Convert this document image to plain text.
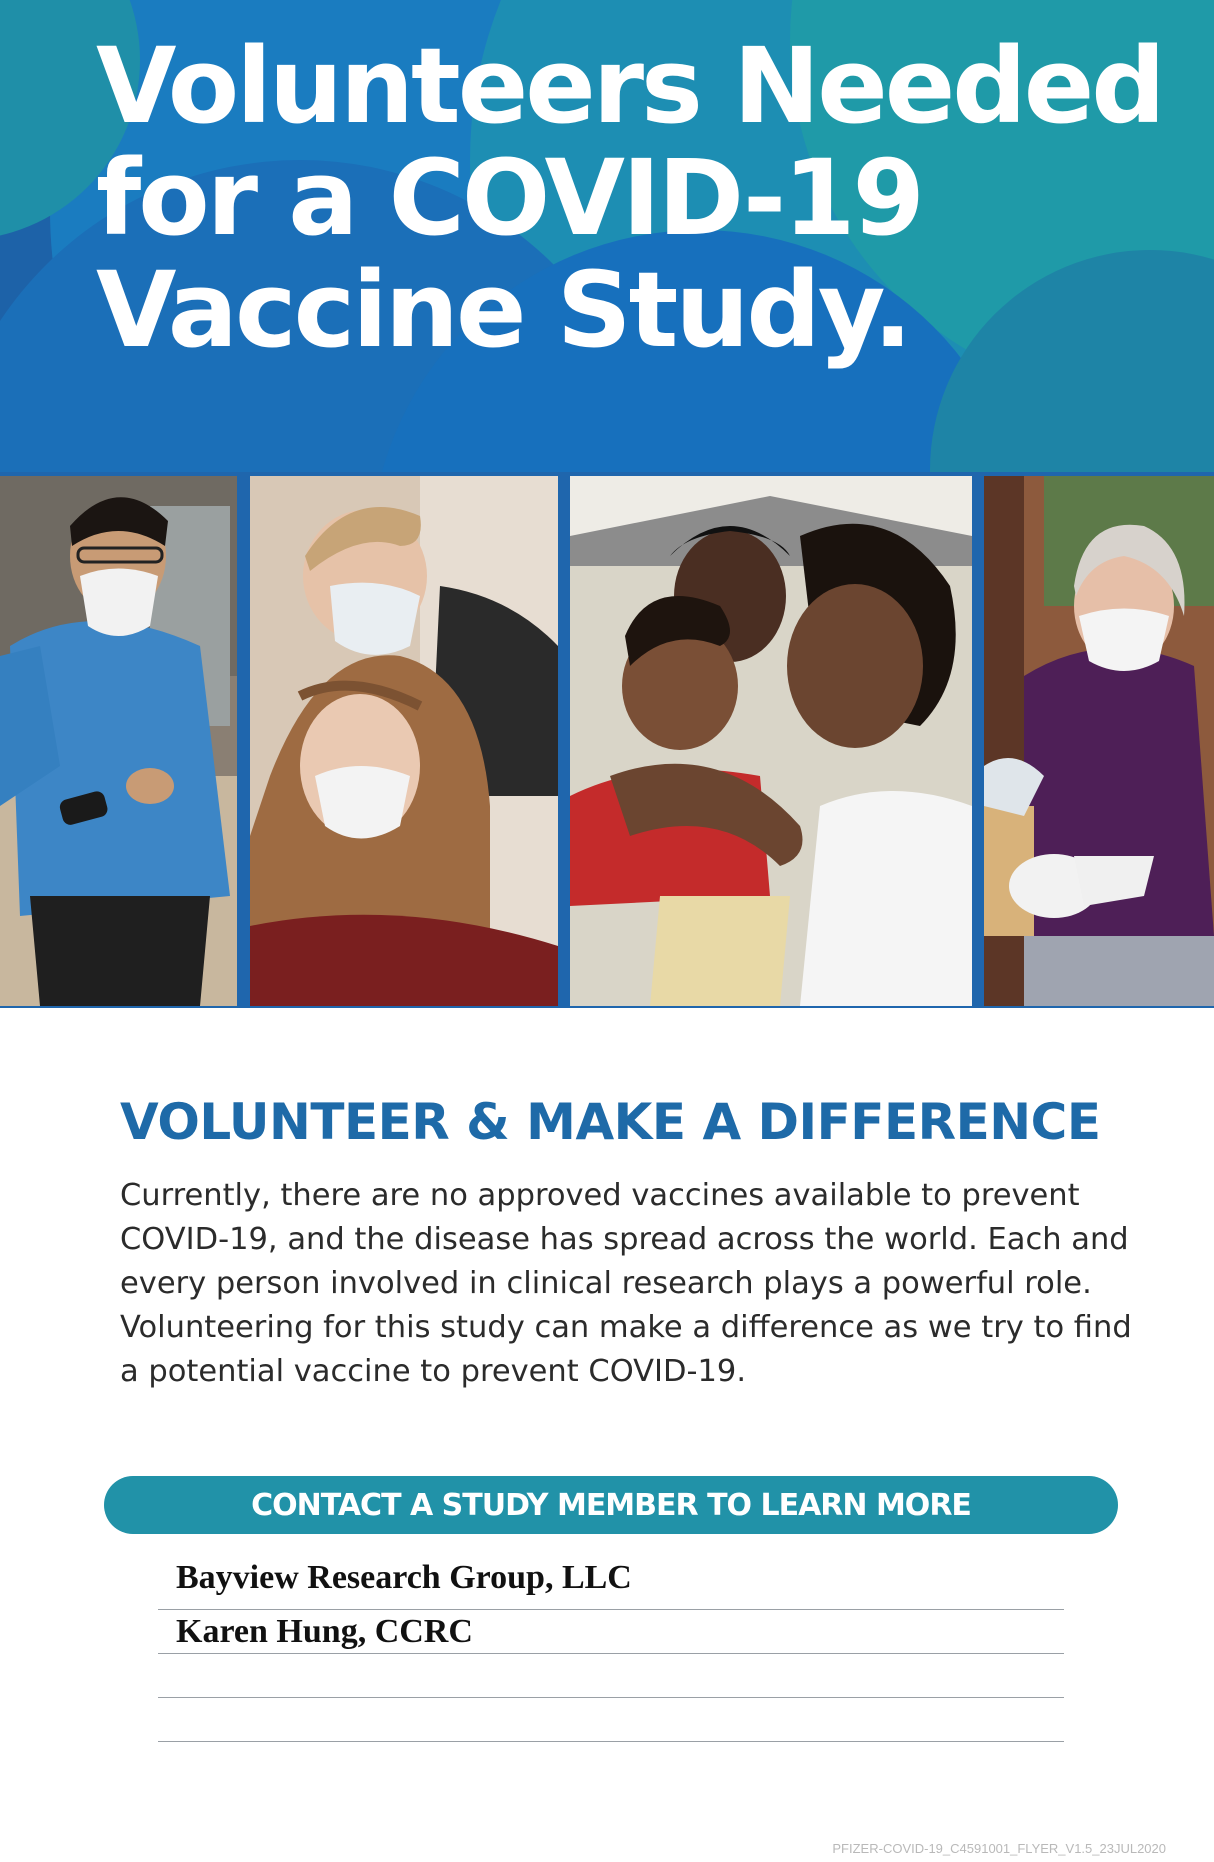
Volunteers Needed
for a COVID-19
Vaccine Study.
VOLUNTEER & MAKE A DIFFERENCE

Currently, there are no approved vaccines available to prevent
COVID-19, and the disease has spread across the world. Each and
every person involved in clinical research plays a powerful role.
Volunteering for this study can make a difference as we try to find
a potential vaccine to prevent COVID-19.

CONTACT A STUDY MEMBER TO LEARN MORE
Bayview Research Group, LLC
Karen Hung, CCRC
PFIZER-COVID-19_C4591001_FLYER_V1.5_23JUL2020
